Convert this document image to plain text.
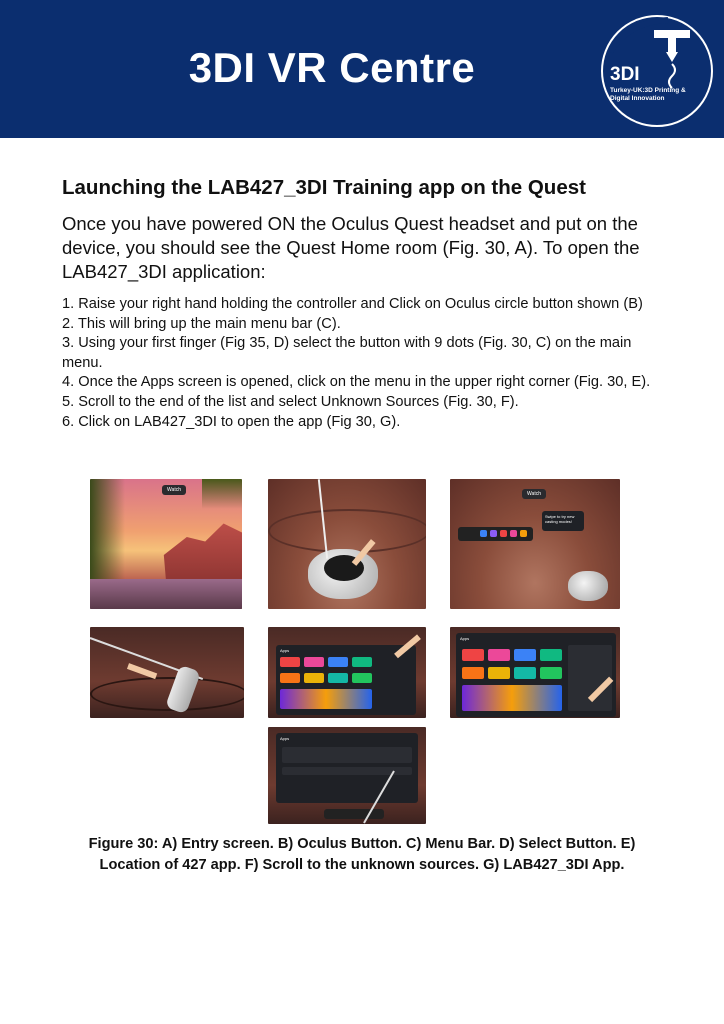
3DI VR Centre	3DI
Turkey-UK:3D Printing & Digital Innovation
Launching the LAB427_3DI Training app on the Quest
Once you have powered ON the Oculus Quest headset and put on the device, you should see the Quest Home room (Fig. 30, A). To open the LAB427_3DI application:
1. Raise your right hand holding the controller and Click on Oculus circle button shown (B)
2. This will bring up the main menu bar (C).
3. Using your first finger (Fig 35, D) select the button with 9 dots (Fig. 30, C) on the main menu.
4. Once the Apps screen is opened, click on the menu in the upper right corner (Fig. 30, E).
5. Scroll to the end of the list and select Unknown Sources (Fig. 30, F).
6. Click on LAB427_3DI to open the app (Fig 30, G).
Watch
Watch
Swipe to try new casting modes!
Apps
Apps
Apps
Figure 30: A) Entry screen. B) Oculus Button. C) Menu Bar. D) Select Button. E) Location of 427 app. F) Scroll to the unknown sources. G) LAB427_3DI App.
